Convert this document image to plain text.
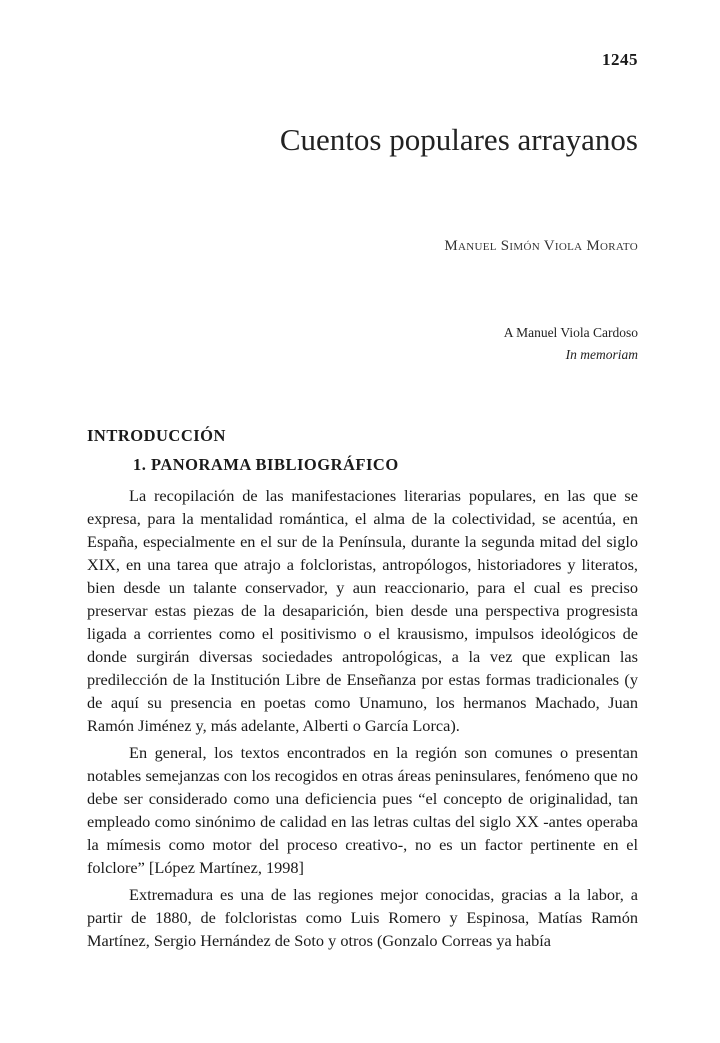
1245
Cuentos populares arrayanos
Manuel Simón Viola Morato
A Manuel Viola Cardoso
In memoriam
INTRODUCCIÓN
1. PANORAMA BIBLIOGRÁFICO

La recopilación de las manifestaciones literarias populares, en las que se expresa, para la mentalidad romántica, el alma de la colectividad, se acentúa, en España, especialmente en el sur de la Península, durante la segunda mitad del siglo XIX, en una tarea que atrajo a folcloristas, antropólogos, historiadores y literatos, bien desde un talante conservador, y aun reaccionario, para el cual es preciso preservar estas piezas de la desaparición, bien desde una perspectiva progresista ligada a corrientes como el positivismo o el krausismo, impulsos ideológicos de donde surgirán diversas sociedades antropológicas, a la vez que explican las predilección de la Institución Libre de Enseñanza por estas formas tradicionales (y de aquí su presencia en poetas como Unamuno, los hermanos Machado, Juan Ramón Jiménez y, más adelante, Alberti o García Lorca).

En general, los textos encontrados en la región son comunes o presentan notables semejanzas con los recogidos en otras áreas peninsulares, fenómeno que no debe ser considerado como una deficiencia pues “el concepto de originalidad, tan empleado como sinónimo de calidad en las letras cultas del siglo XX -antes operaba la mímesis como motor del proceso creativo-, no es un factor pertinente en el folclore” [López Martínez, 1998]

Extremadura es una de las regiones mejor conocidas, gracias a la labor, a partir de 1880, de folcloristas como Luis Romero y Espinosa, Matías Ramón Martínez, Sergio Hernández de Soto y otros (Gonzalo Correas ya había
